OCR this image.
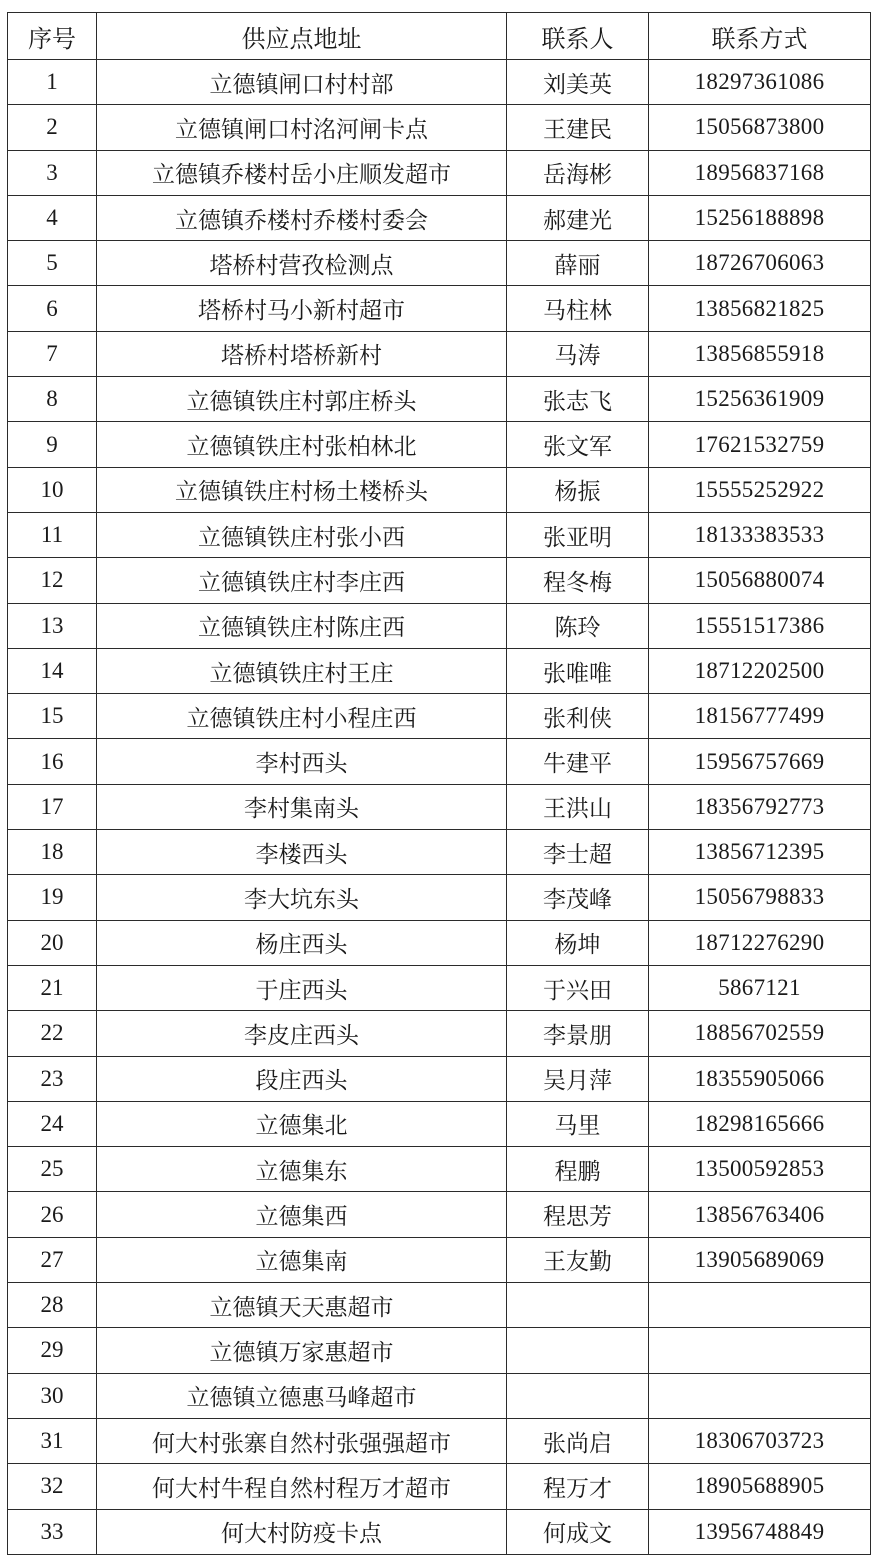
序号	供应点地址	联系人	联系方式
1	立德镇闸口村村部	刘美英	18297361086
2	立德镇闸口村洺河闸卡点	王建民	15056873800
3	立德镇乔楼村岳小庄顺发超市	岳海彬	18956837168
4	立德镇乔楼村乔楼村委会	郝建光	15256188898
5	塔桥村营孜检测点	薛丽	18726706063
6	塔桥村马小新村超市	马柱林	13856821825
7	塔桥村塔桥新村	马涛	13856855918
8	立德镇铁庄村郭庄桥头	张志飞	15256361909
9	立德镇铁庄村张柏林北	张文军	17621532759
10	立德镇铁庄村杨土楼桥头	杨振	15555252922
11	立德镇铁庄村张小西	张亚明	18133383533
12	立德镇铁庄村李庄西	程冬梅	15056880074
13	立德镇铁庄村陈庄西	陈玲	15551517386
14	立德镇铁庄村王庄	张唯唯	18712202500
15	立德镇铁庄村小程庄西	张利侠	18156777499
16	李村西头	牛建平	15956757669
17	李村集南头	王洪山	18356792773
18	李楼西头	李士超	13856712395
19	李大坑东头	李茂峰	15056798833
20	杨庄西头	杨坤	18712276290
21	于庄西头	于兴田	5867121
22	李皮庄西头	李景朋	18856702559
23	段庄西头	吴月萍	18355905066
24	立德集北	马里	18298165666
25	立德集东	程鹏	13500592853
26	立德集西	程思芳	13856763406
27	立德集南	王友勤	13905689069
28	立德镇天天惠超市		
29	立德镇万家惠超市		
30	立德镇立德惠马峰超市		
31	何大村张寨自然村张强强超市	张尚启	18306703723
32	何大村牛程自然村程万才超市	程万才	18905688905
33	何大村防疫卡点	何成文	13956748849
